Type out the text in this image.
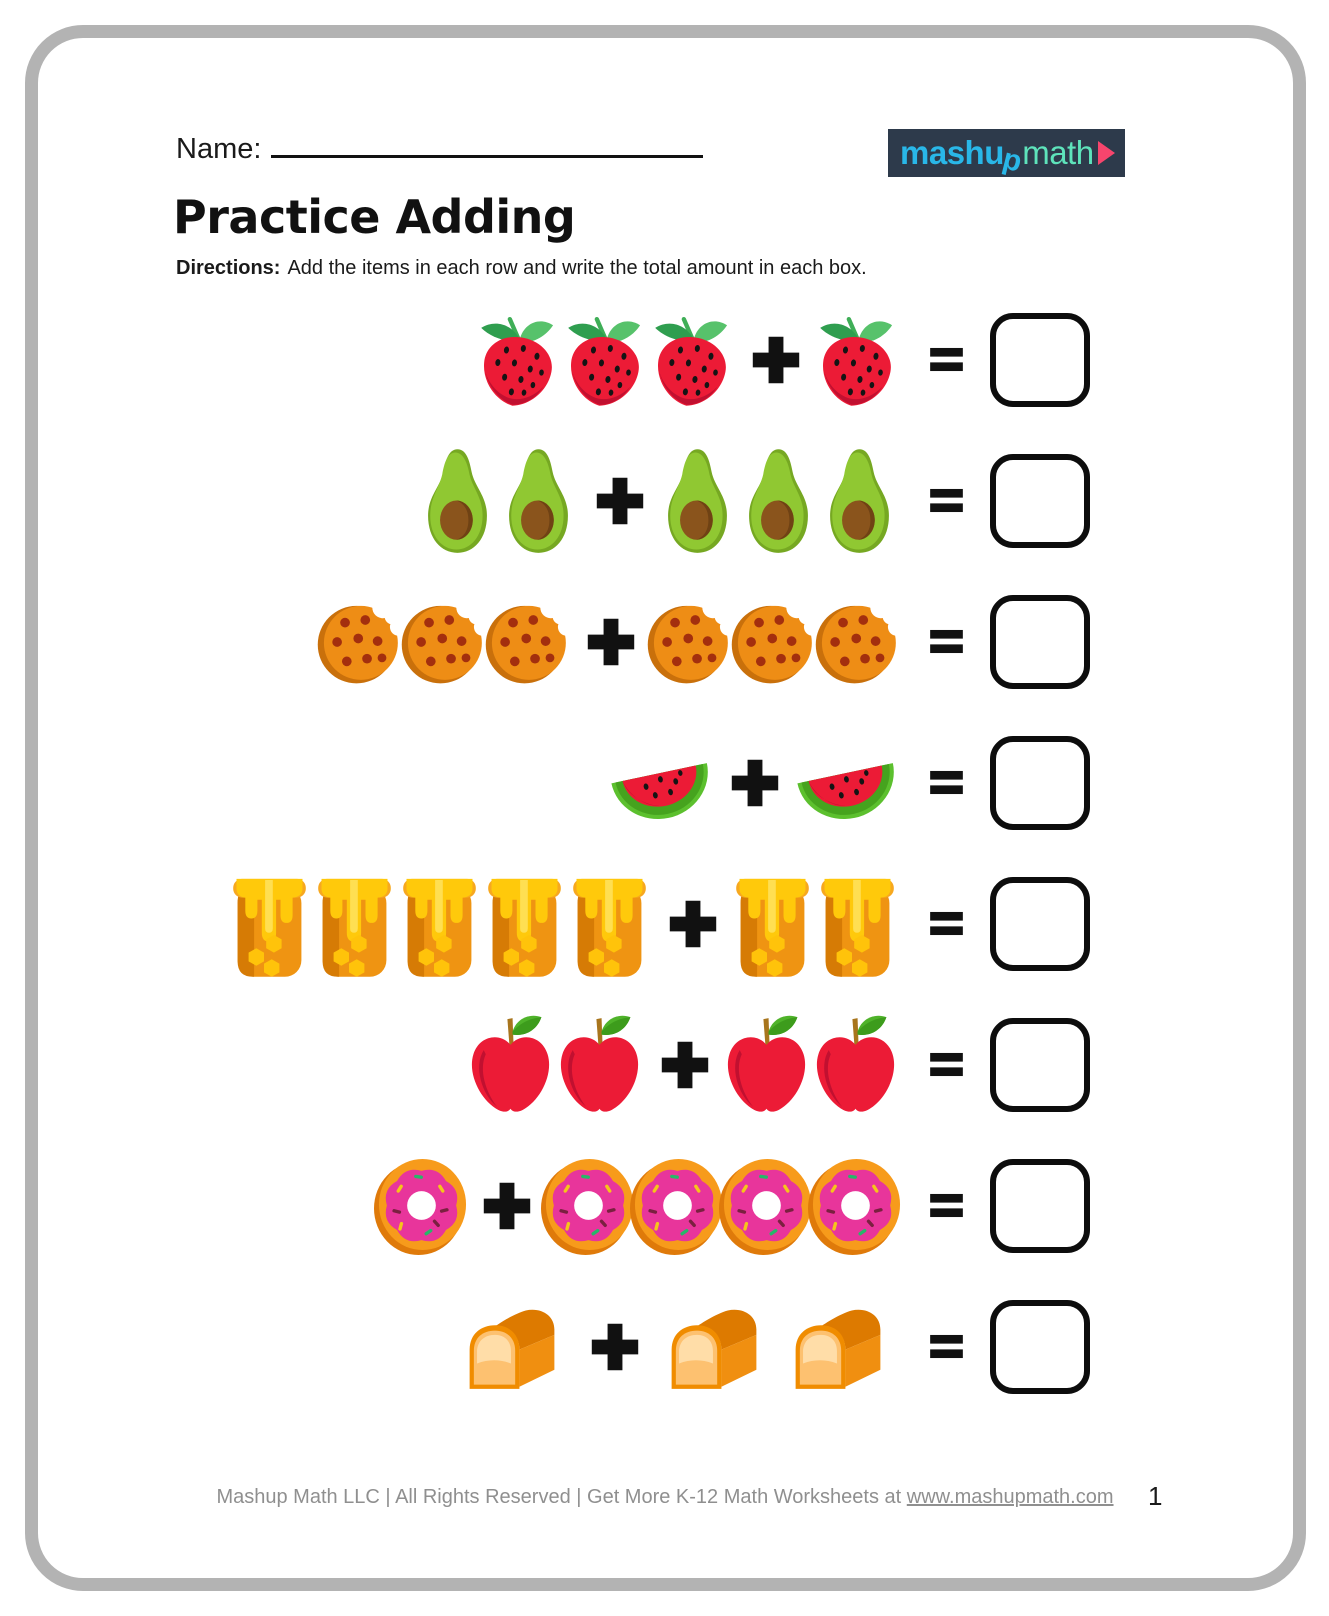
Name:	mashu
p
math
Practice Adding
Directions: Add the items in each row and write the total amount in each box.
Mashup Math LLC | All Rights Reserved | Get More K-12 Math Worksheets at www.mashupmath.com	1
